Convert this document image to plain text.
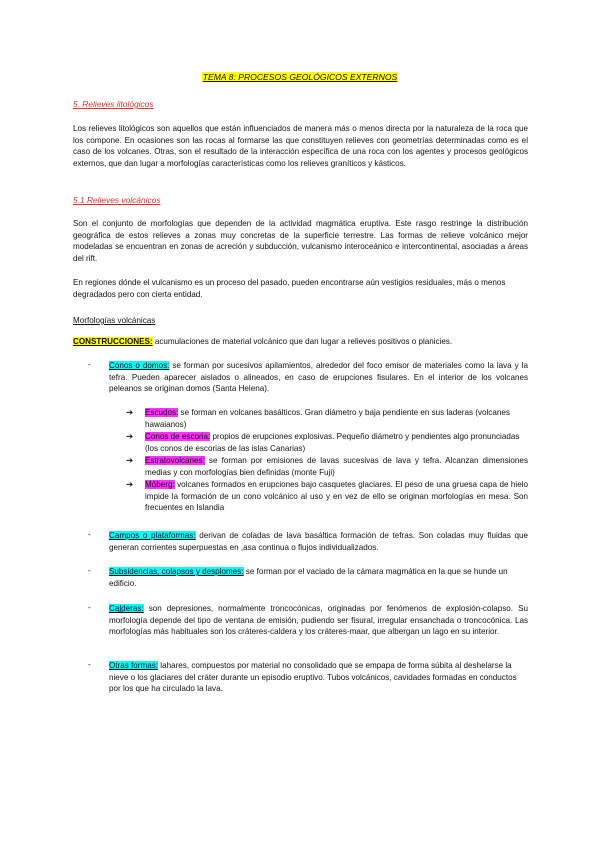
TEMA 8: PROCESOS GEOLÓGICOS EXTERNOS
5. Relieves litológicos

Los relieves litológicos son aquellos que están influenciados de manera más o menos directa por la naturaleza de la roca que los compone. En ocasiones son las rocas al formarse las que constituyen relieves con geometrías determinadas como es el caso de los volcanes. Otras, son el resultado de la interacción específica de una roca con los agentes y procesos geológicos externos, que dan lugar a morfologías características como los relieves graníticos y kásticos.

5.1 Relieves volcánicos

Son el conjunto de morfologías que dependen de la actividad magmática eruptiva. Este rasgo restringe la distribución geográfica de estos relieves a zonas muy concretas de la superficie terrestre. Las formas de relieve volcánico mejor modeladas se encuentran en zonas de acreción y subducción, vulcanismo interoceánico e intercontinental, asociadas a áreas del rift.

En regiones dónde el vulcanismo es un proceso del pasado, pueden encontrarse aún vestigios residuales, más o menos degradados pero con cierta entidad.

Morfologías volcánicas

CONSTRUCCIONES: acumulaciones de material volcánico que dan lugar a relieves positivos o planicies.

- Conos o domos: se forman por sucesivos apilamientos, alrededor del foco emisor de materiales como la lava y la tefra. Pueden aparecer aislados o alineados, en caso de erupciones fisulares. En el interior de los volcanes peleanos se originan domos (Santa Helena).

➔ Escudos: se forman en volcanes basálticos. Gran diámetro y baja pendiente en sus laderas (volcanes hawaianos)

➔ Conos de escoria: propios de erupciones explosivas. Pequeño diámetro y pendientes algo pronunciadas (los conos de escorias de las islas Canarias)

➔ Estratovolcanes: se forman por emisiones de lavas sucesivas de lava y tefra. Alcanzan dimensiones medias y con morfologías bien definidas (monte Fuji)

➔ Möberg: volcanes formados en erupciones bajo casquetes glaciares. El peso de una gruesa capa de hielo impide la formación de un cono volcánico al uso y en vez de ello se originan morfologías en mesa. Son frecuentes en Islandia

- Campos o plataformas: derivan de coladas de lava basáltica formación de tefras. Son coladas muy fluidas que generan corrientes superpuestas en ,asa continua o flujos individualizados.

- Subsidencias, colapsos y desplomes: se forman por el vaciado de la cámara magmática en la que se hunde un edificio.

- Cal̲deras: son depresiones, normalmente troncocónicas, originadas por fenómenos de explosión-colapso. Su morfología depende del tipo de ventana de emisión, pudiendo ser fisural, irregular ensanchada o troncocónica. Las morfologías más habituales son los cráteres-caldera y los cráteres-maar, que albergan un lago en su interior.

- Otras formas: lahares, compuestos por material no consolidado que se empapa de forma súbita al deshelarse la nieve o los glaciares del cráter durante un episodio eruptivo. Tubos volcánicos, cavidades formadas en conductos por los que ha circulado la lava.
